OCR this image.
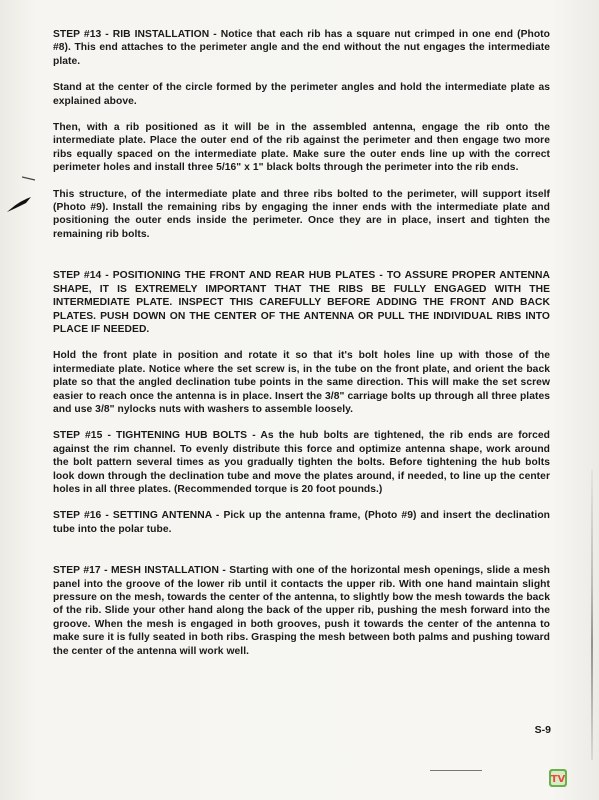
STEP #13 - RIB INSTALLATION - Notice that each rib has a square nut crimped in one end (Photo #8). This end attaches to the perimeter angle and the end without the nut engages the intermediate plate.

Stand at the center of the circle formed by the perimeter angles and hold the intermediate plate as explained above.

Then, with a rib positioned as it will be in the assembled antenna, engage the rib onto the intermediate plate. Place the outer end of the rib against the perimeter and then engage two more ribs equally spaced on the intermediate plate. Make sure the outer ends line up with the correct perimeter holes and install three 5/16" x 1" black bolts through the perimeter into the rib ends.

This structure, of the intermediate plate and three ribs bolted to the perimeter, will support itself (Photo #9). Install the remaining ribs by engaging the inner ends with the intermediate plate and positioning the outer ends inside the perimeter. Once they are in place, insert and tighten the remaining rib bolts.

STEP #14 - POSITIONING THE FRONT AND REAR HUB PLATES - TO ASSURE PROPER ANTENNA SHAPE, IT IS EXTREMELY IMPORTANT THAT THE RIBS BE FULLY ENGAGED WITH THE INTERMEDIATE PLATE. INSPECT THIS CAREFULLY BEFORE ADDING THE FRONT AND BACK PLATES. PUSH DOWN ON THE CENTER OF THE ANTENNA OR PULL THE INDIVIDUAL RIBS INTO PLACE IF NEEDED.

Hold the front plate in position and rotate it so that it's bolt holes line up with those of the intermediate plate. Notice where the set screw is, in the tube on the front plate, and orient the back plate so that the angled declination tube points in the same direction. This will make the set screw easier to reach once the antenna is in place. Insert the 3/8" carriage bolts up through all three plates and use 3/8" nylocks nuts with washers to assemble loosely.

STEP #15 - TIGHTENING HUB BOLTS - As the hub bolts are tightened, the rib ends are forced against the rim channel. To evenly distribute this force and optimize antenna shape, work around the bolt pattern several times as you gradually tighten the bolts. Before tightening the hub bolts look down through the declination tube and move the plates around, if needed, to line up the center holes in all three plates. (Recommended torque is 20 foot pounds.)

STEP #16 - SETTING ANTENNA - Pick up the antenna frame, (Photo #9) and insert the declination tube into the polar tube.

STEP #17 - MESH INSTALLATION - Starting with one of the horizontal mesh openings, slide a mesh panel into the groove of the lower rib until it contacts the upper rib. With one hand maintain slight pressure on the mesh, towards the center of the antenna, to slightly bow the mesh towards the back of the rib. Slide your other hand along the back of the upper rib, pushing the mesh forward into the groove. When the mesh is engaged in both grooves, push it towards the center of the antenna to make sure it is fully seated in both ribs. Grasping the mesh between both palms and pushing toward the center of the antenna will work well.

S-9
TV
